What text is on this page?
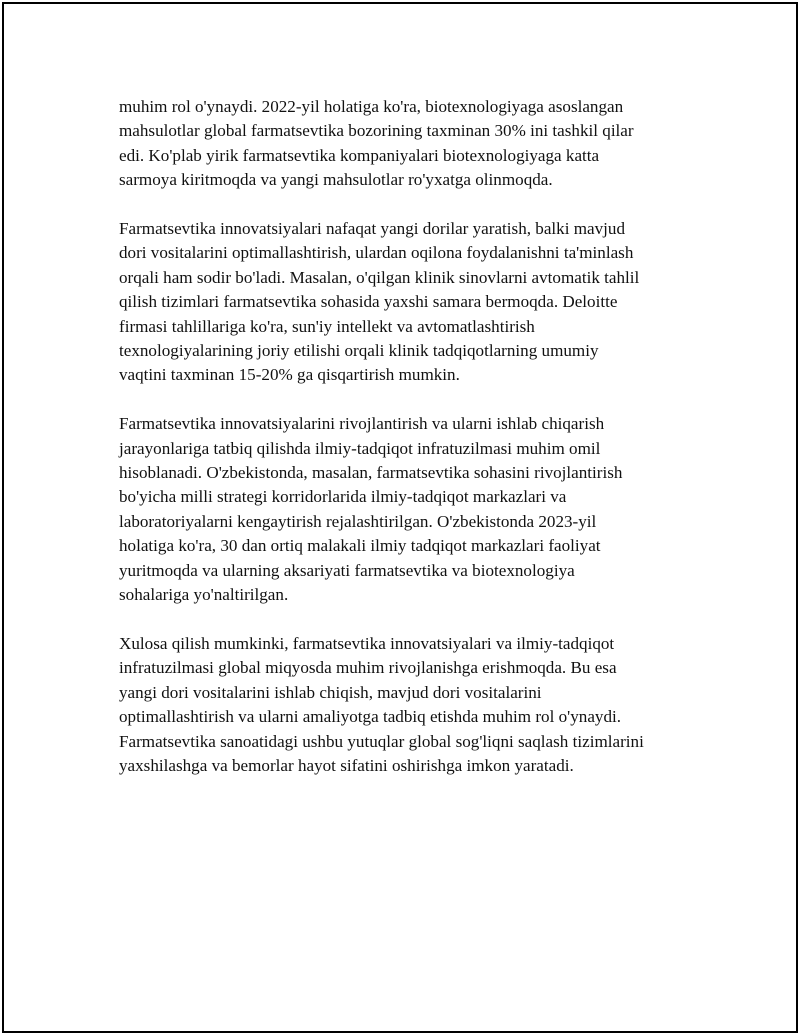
muhim rol o'ynaydi. 2022-yil holatiga ko'ra, biotexnologiyaga asoslangan
mahsulotlar global farmatsevtika bozorining taxminan 30% ini tashkil qilar
edi. Ko'plab yirik farmatsevtika kompaniyalari biotexnologiyaga katta
sarmoya kiritmoqda va yangi mahsulotlar ro'yxatga olinmoqda.

Farmatsevtika innovatsiyalari nafaqat yangi dorilar yaratish, balki mavjud
dori vositalarini optimallashtirish, ulardan oqilona foydalanishni ta'minlash
orqali ham sodir bo'ladi. Masalan, o'qilgan klinik sinovlarni avtomatik tahlil
qilish tizimlari farmatsevtika sohasida yaxshi samara bermoqda. Deloitte
firmasi tahlillariga ko'ra, sun'iy intellekt va avtomatlashtirish
texnologiyalarining joriy etilishi orqali klinik tadqiqotlarning umumiy
vaqtini taxminan 15-20% ga qisqartirish mumkin.

Farmatsevtika innovatsiyalarini rivojlantirish va ularni ishlab chiqarish
jarayonlariga tatbiq qilishda ilmiy-tadqiqot infratuzilmasi muhim omil
hisoblanadi. O'zbekistonda, masalan, farmatsevtika sohasini rivojlantirish
bo'yicha milli strategi korridorlarida ilmiy-tadqiqot markazlari va
laboratoriyalarni kengaytirish rejalashtirilgan. O'zbekistonda 2023-yil
holatiga ko'ra, 30 dan ortiq malakali ilmiy tadqiqot markazlari faoliyat
yuritmoqda va ularning aksariyati farmatsevtika va biotexnologiya
sohalariga yo'naltirilgan.

Xulosa qilish mumkinki, farmatsevtika innovatsiyalari va ilmiy-tadqiqot
infratuzilmasi global miqyosda muhim rivojlanishga erishmoqda. Bu esa
yangi dori vositalarini ishlab chiqish, mavjud dori vositalarini
optimallashtirish va ularni amaliyotga tadbiq etishda muhim rol o'ynaydi.
Farmatsevtika sanoatidagi ushbu yutuqlar global sog'liqni saqlash tizimlarini
yaxshilashga va bemorlar hayot sifatini oshirishga imkon yaratadi.
